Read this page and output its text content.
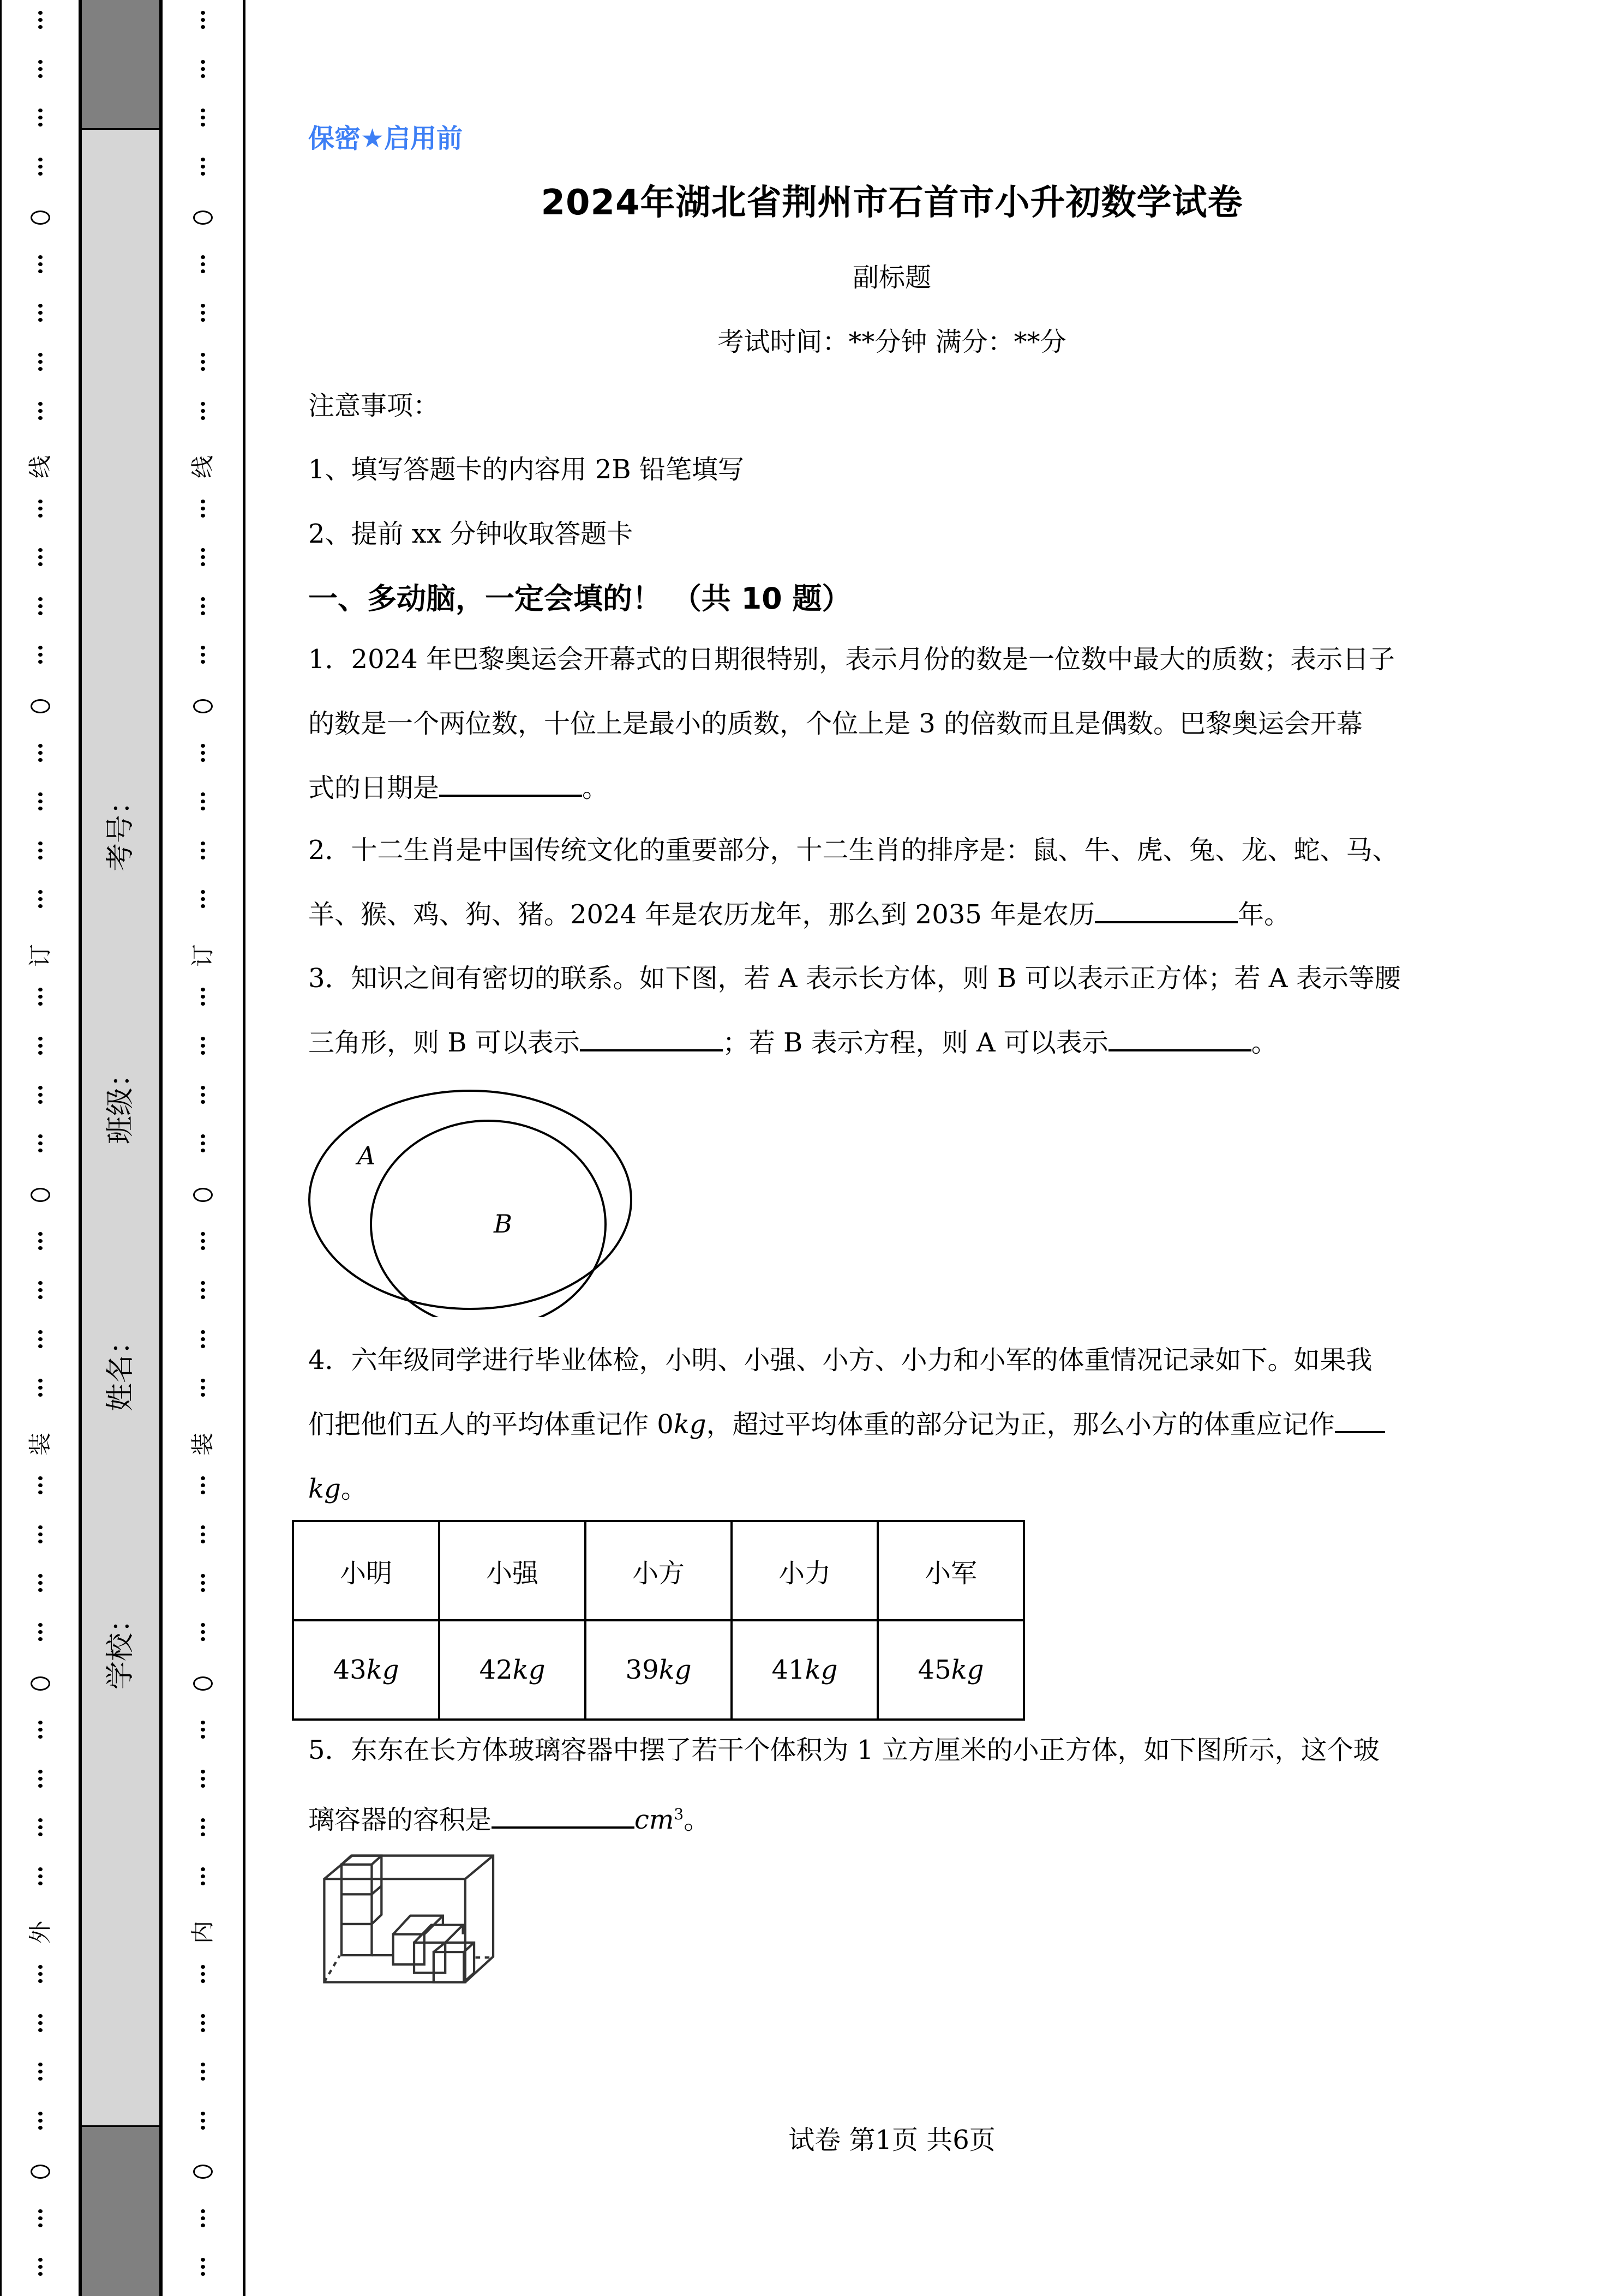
线
订
装
外
考号：
班级：
姓名：
学校：
线
订
装
内
保密★启用前
2024年湖北省荆州市石首市小升初数学试卷
副标题
考试时间：**分钟 满分：**分
注意事项：
1、填写答题卡的内容用 2B 铅笔填写
2、提前 xx 分钟收取答题卡
一、多动脑，一定会填的！ （共 10 题）
1．2024 年巴黎奥运会开幕式的日期很特别，表示月份的数是一位数中最大的质数；表示日子
的数是一个两位数，十位上是最小的质数，个位上是 3 的倍数而且是偶数。巴黎奥运会开幕
式的日期是	。
2．十二生肖是中国传统文化的重要部分，十二生肖的排序是：鼠、牛、虎、兔、龙、蛇、马、
羊、猴、鸡、狗、猪。2024 年是农历龙年，那么到 2035 年是农历	年。
3．知识之间有密切的联系。如下图，若 A 表示长方体，则 B 可以表示正方体；若 A 表示等腰
三角形，则 B 可以表示	；若 B 表示方程，则 A 可以表示	。
A
B
4．六年级同学进行毕业体检，小明、小强、小方、小力和小军的体重情况记录如下。如果我
们把他们五人的平均体重记作 0kg，超过平均体重的部分记为正，那么小方的体重应记作
kg。
5．东东在长方体玻璃容器中摆了若干个体积为 1 立方厘米的小正方体，如下图所示，这个玻
璃容器的容积是	$cm^3$。
小明	小强	小方	小力	小军
43kg	42kg	39kg	41kg	45kg
试卷 第1页 共6页
